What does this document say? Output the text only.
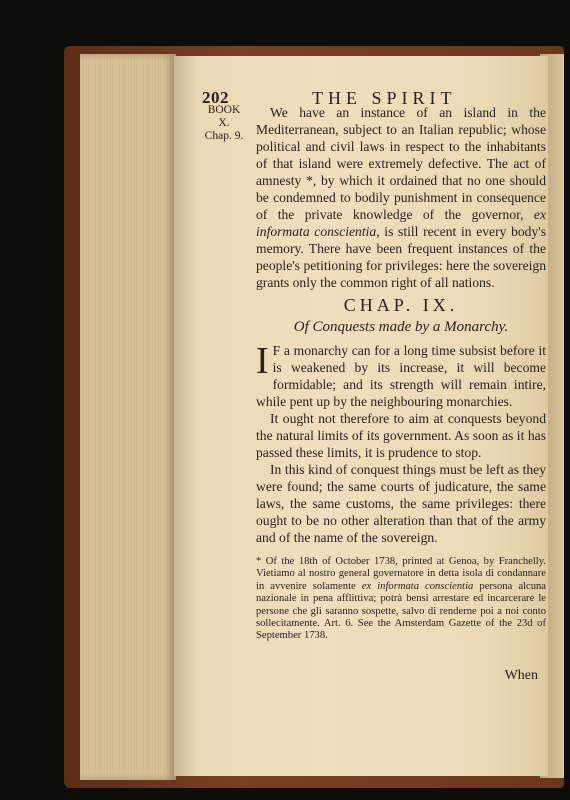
202	THE SPIRIT
BOOK
X.
Chap. 9.

We have an instance of an island in the Mediterranean, subject to an Italian republic; whose political and civil laws in respect to the inhabitants of that island were extremely defective. The act of amnesty *, by which it ordained that no one should be condemned to bodily punishment in consequence of the private knowledge of the governor, ex informata conscientia, is still recent in every body's memory. There have been frequent instances of the people's petitioning for privileges: here the sovereign grants only the common right of all nations.

CHAP. IX.
Of Conquests made by a Monarchy.

I F a monarchy can for a long time subsist before it is weakened by its increase, it will become formidable; and its strength will remain intire, while pent up by the neighbouring monarchies.

It ought not therefore to aim at conquests beyond the natural limits of its government. As soon as it has passed these limits, it is prudence to stop.

In this kind of conquest things must be left as they were found; the same courts of judicature, the same laws, the same customs, the same privileges: there ought to be no other alteration than that of the army and of the name of the sovereign.

* Of the 18th of October 1738, printed at Genoa, by Franchelly. Vietiamo al nostro general governatore in detta isola di condannare in avvenire solamente ex informata conscientia persona alcuna nazionale in pena afflittiva; potrà bensi arrestare ed incarcerare le persone che gli saranno sospette, salvo di renderne poi a noi conto sollecitamente. Art. 6. See the Amsterdam Gazette of the 23d of September 1738.
When
